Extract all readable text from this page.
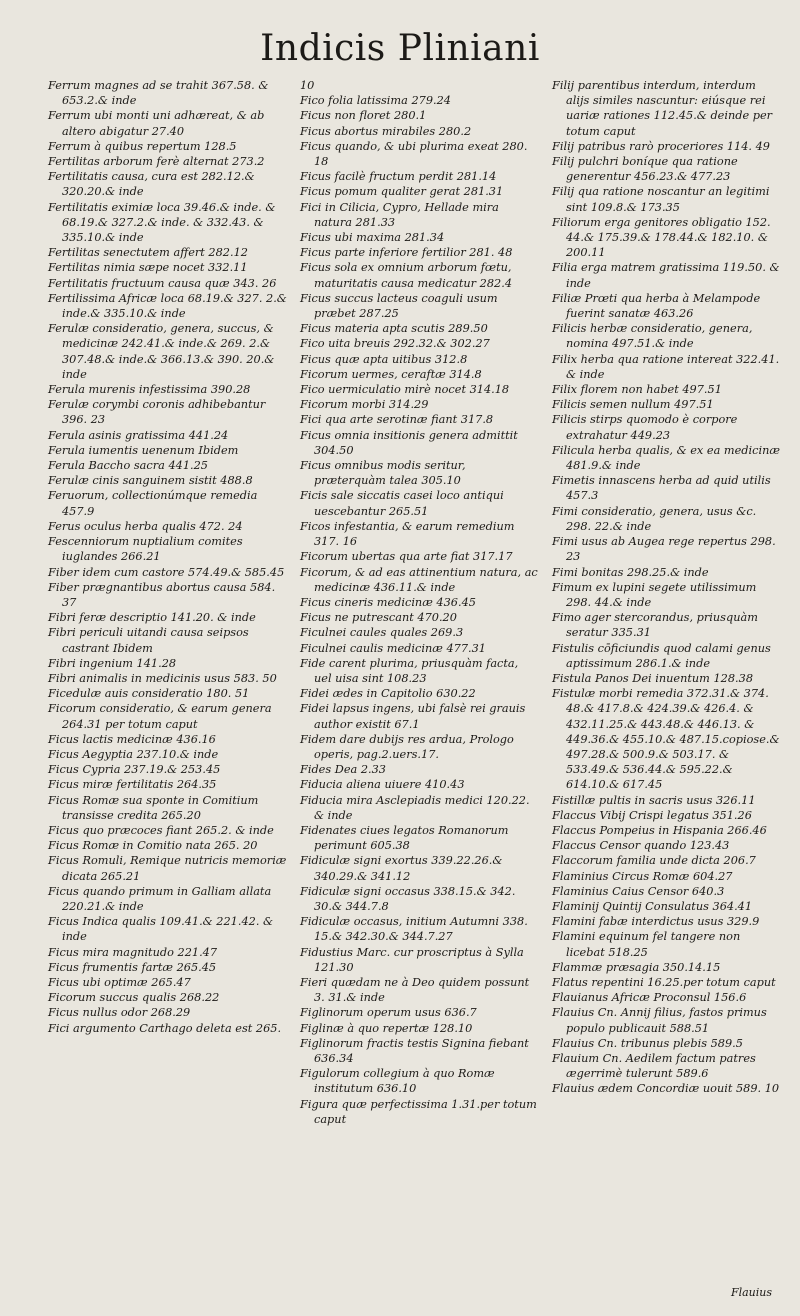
Indicis Pliniani

Ferrum magnes ad se trahit 367.58. & 653.2.& inde

Ferrum ubi monti uni adhæreat, & ab altero abigatur 27.40

Ferrum à quibus repertum 128.5

Fertilitas arborum ferè alternat 273.2

Fertilitatis causa, cura est 282.12.& 320.20.& inde

Fertilitatis eximiæ loca 39.46.& inde. & 68.19.& 327.2.& inde. & 332.43. & 335.10.& inde

Fertilitas senectutem affert 282.12

Fertilitas nimia sæpe nocet 332.11

Fertilitatis fructuum causa quæ 343. 26

Fertilissima Africæ loca 68.19.& 327. 2.& inde.& 335.10.& inde

Ferulæ consideratio, genera, succus, & medicinæ 242.41.& inde.& 269. 2.& 307.48.& inde.& 366.13.& 390. 20.& inde

Ferula murenis infestissima 390.28

Ferulæ corymbi coronis adhibebantur 396. 23

Ferula asinis gratissima 441.24

Ferula iumentis uenenum Ibidem

Ferula Baccho sacra 441.25

Ferulæ cinis sanguinem sistit 488.8

Feruorum, collectionúmque remedia 457.9

Ferus oculus herba qualis 472. 24

Fescenniorum nuptialium comites iuglandes 266.21

Fiber idem cum castore 574.49.& 585.45

Fiber prægnantibus abortus causa 584. 37

Fibri feræ descriptio 141.20. & inde

Fibri periculi uitandi causa seipsos castrant Ibidem

Fibri ingenium 141.28

Fibri animalis in medicinis usus 583. 50

Ficedulæ auis consideratio 180. 51

Ficorum consideratio, & earum genera 264.31 per totum caput

Ficus lactis medicinæ 436.16

Ficus Aegyptia 237.10.& inde

Ficus Cypria 237.19.& 253.45

Ficus miræ fertilitatis 264.35

Ficus Romæ sua sponte in Comitium transisse credita 265.20

Ficus quo præcoces fiant 265.2. & inde

Ficus Romæ in Comitio nata 265. 20

Ficus Romuli, Remique nutricis memoriæ dicata 265.21

Ficus quando primum in Galliam allata 220.21.& inde

Ficus Indica qualis 109.41.& 221.42. & inde

Ficus mira magnitudo 221.47

Ficus frumentis fartæ 265.45

Ficus ubi optimæ 265.47

Ficorum succus qualis 268.22

Ficus nullus odor 268.29

Fici argumento Carthago deleta est 265.

10

Fico folia latissima 279.24

Ficus non floret 280.1

Ficus abortus mirabiles 280.2

Ficus quando, & ubi plurima exeat 280. 18

Ficus facilè fructum perdit 281.14

Ficus pomum qualiter gerat 281.31

Fici in Cilicia, Cypro, Hellade mira natura 281.33

Ficus ubi maxima 281.34

Ficus parte inferiore fertilior 281. 48

Ficus sola ex omnium arborum fœtu, maturitatis causa medicatur 282.4

Ficus succus lacteus coaguli usum præbet 287.25

Ficus materia apta scutis 289.50

Fico uita breuis 292.32.& 302.27

Ficus quæ apta uitibus 312.8

Ficorum uermes, ceraftæ 314.8

Fico uermiculatio mirè nocet 314.18

Ficorum morbi 314.29

Fici qua arte serotinæ fiant 317.8

Ficus omnia insitionis genera admittit 304.50

Ficus omnibus modis seritur, præterquàm talea 305.10

Ficis sale siccatis casei loco antiqui uescebantur 265.51

Ficos infestantia, & earum remedium 317. 16

Ficorum ubertas qua arte fiat 317.17

Ficorum, & ad eas attinentium natura, ac medicinæ 436.11.& inde

Ficus cineris medicinæ 436.45

Ficus ne putrescant 470.20

Ficulnei caules quales 269.3

Ficulnei caulis medicinæ 477.31

Fide carent plurima, priusquàm facta, uel uisa sint 108.23

Fidei ædes in Capitolio 630.22

Fidei lapsus ingens, ubi falsè rei grauis author existit 67.1

Fidem dare dubijs res ardua, Prologo operis, pag.2.uers.17.

Fides Dea 2.33

Fiducia aliena uiuere 410.43

Fiducia mira Asclepiadis medici 120.22. & inde

Fidenates ciues legatos Romanorum perimunt 605.38

Fidiculæ signi exortus 339.22.26.& 340.29.& 341.12

Fidiculæ signi occasus 338.15.& 342. 30.& 344.7.8

Fidiculæ occasus, initium Autumni 338. 15.& 342.30.& 344.7.27

Fidustius Marc. cur proscriptus à Sylla 121.30

Fieri quædam ne à Deo quidem possunt 3. 31.& inde

Figlinorum operum usus 636.7

Figlinæ à quo repertæ 128.10

Figlinorum fractis testis Signina fiebant 636.34

Figulorum collegium à quo Romæ institutum 636.10

Figura quæ perfectissima 1.31.per totum caput

Filij parentibus interdum, interdum alijs similes nascuntur: eiúsque rei uariæ rationes 112.45.& deinde per totum caput

Filij patribus rarò proceriores 114. 49

Filij pulchri boníque qua ratione generentur 456.23.& 477.23

Filij qua ratione noscantur an legitimi sint 109.8.& 173.35

Filiorum erga genitores obligatio 152. 44.& 175.39.& 178.44.& 182.10. & 200.11

Filia erga matrem gratissima 119.50. & inde

Filiæ Prœti qua herba à Melampode fuerint sanatæ 463.26

Filicis herbæ consideratio, genera, nomina 497.51.& inde

Filix herba qua ratione intereat 322.41. & inde

Filix florem non habet 497.51

Filicis semen nullum 497.51

Filicis stirps quomodo è corpore extrahatur 449.23

Filicula herba qualis, & ex ea medicinæ 481.9.& inde

Fimetis innascens herba ad quid utilis 457.3

Fimi consideratio, genera, usus &c. 298. 22.& inde

Fimi usus ab Augea rege repertus 298. 23

Fimi bonitas 298.25.& inde

Fimum ex lupini segete utilissimum 298. 44.& inde

Fimo ager stercorandus, priusquàm seratur 335.31

Fistulis cōficiundis quod calami genus aptissimum 286.1.& inde

Fistula Panos Dei inuentum 128.38

Fistulæ morbi remedia 372.31.& 374. 48.& 417.8.& 424.39.& 426.4. & 432.11.25.& 443.48.& 446.13. & 449.36.& 455.10.& 487.15.copiose.& 497.28.& 500.9.& 503.17. & 533.49.& 536.44.& 595.22.& 614.10.& 617.45

Fistillæ pultis in sacris usus 326.11

Flaccus Vibij Crispi legatus 351.26

Flaccus Pompeius in Hispania 266.46

Flaccus Censor quando 123.43

Flaccorum familia unde dicta 206.7

Flaminius Circus Romæ 604.27

Flaminius Caius Censor 640.3

Flaminij Quintij Consulatus 364.41

Flamini fabæ interdictus usus 329.9

Flamini equinum fel tangere non licebat 518.25

Flammæ præsagia 350.14.15

Flatus repentini 16.25.per totum caput

Flauianus Africæ Proconsul 156.6

Flauius Cn. Annij filius, fastos primus populo publicauit 588.51

Flauius Cn. tribunus plebis 589.5

Flauium Cn. Aedilem factum patres ægerrimè tulerunt 589.6

Flauius ædem Concordiæ uouit 589. 10

Flauius
